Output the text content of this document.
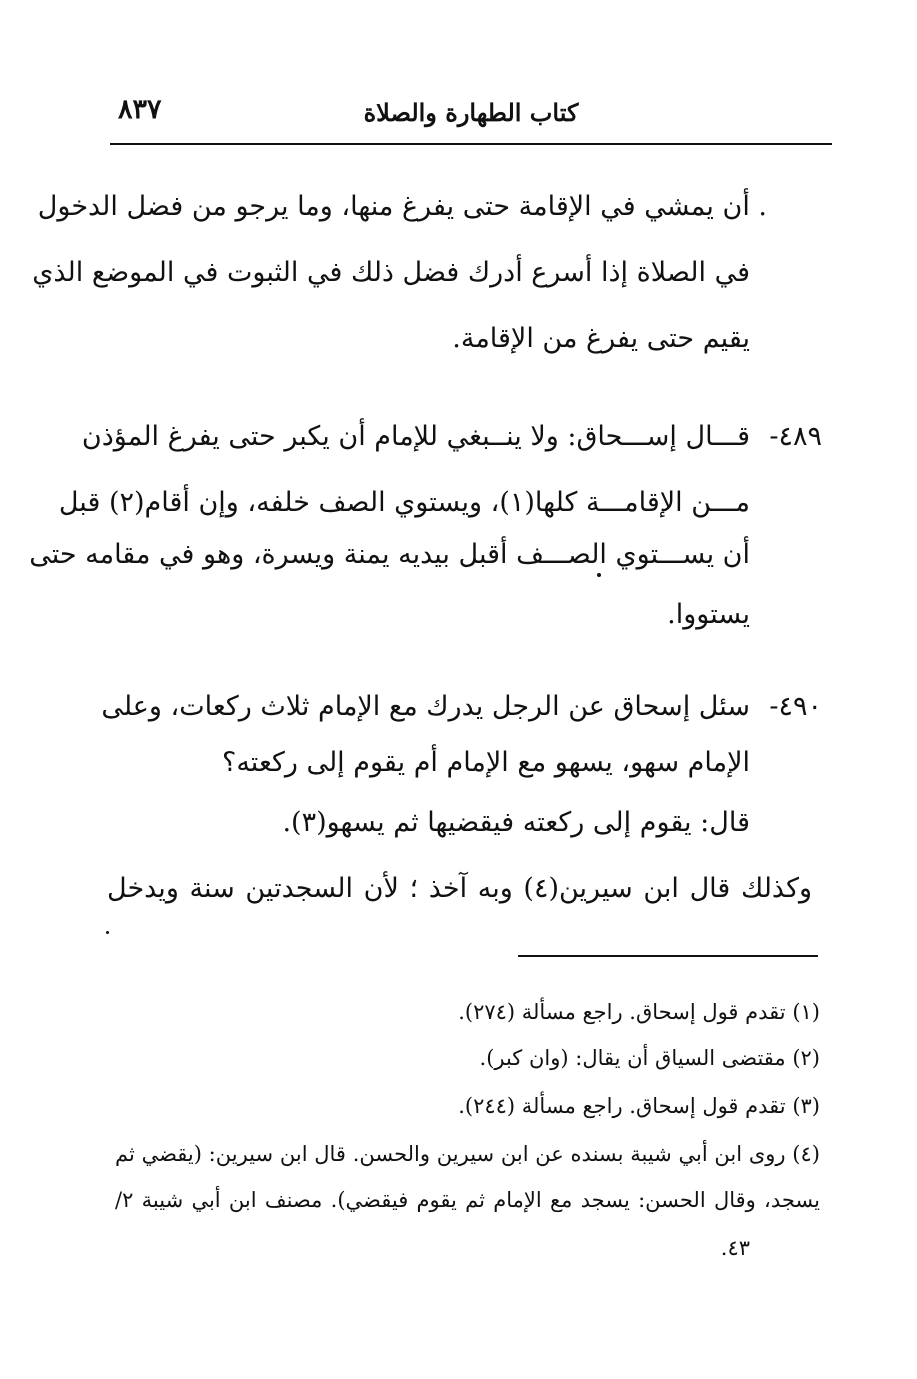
٨٣٧	كتاب الطهارة والصلاة
. أن يمشي في الإقامة حتى يفرغ منها، وما يرجو من فضل الدخول
في الصلاة إذا أسرع أدرك فضل ذلك في الثبوت في الموضع الذي
يقيم حتى يفرغ من الإقامة.
٤٨٩-
قـــال إســـحاق: ولا ينــبغي للإمام أن يكبر حتى يفرغ المؤذن
مـــن الإقامـــة كلها(١)، ويستوي الصف خلفه، وإن أقام(٢) قبل
أن يســـتوي الصـــف أقبل بيديه يمنة ويسرة، وهو في مقامه حتى
يستووا.
٤٩٠-
سئل إسحاق عن الرجل يدرك مع الإمام ثلاث ركعات، وعلى
الإمام سهو، يسهو مع الإمام أم يقوم إلى ركعته؟
قال: يقوم إلى ركعته فيقضيها ثم يسهو(٣).
وكذلك قال ابن سيرين(٤) وبه آخذ ؛ لأن السجدتين سنة ويدخل
(١) تقدم قول إسحاق. راجع مسألة (٢٧٤).
(٢) مقتضى السياق أن يقال: (وان كبر).
(٣) تقدم قول إسحاق. راجع مسألة (٢٤٤).
(٤) روى ابن أبي شيبة بسنده عن ابن سيرين والحسن. قال ابن سيرين: (يقضي ثم
يسجد، وقال الحسن: يسجد مع الإمام ثم يقوم فيقضي). مصنف ابن أبي شيبة ٢/
٤٣.
